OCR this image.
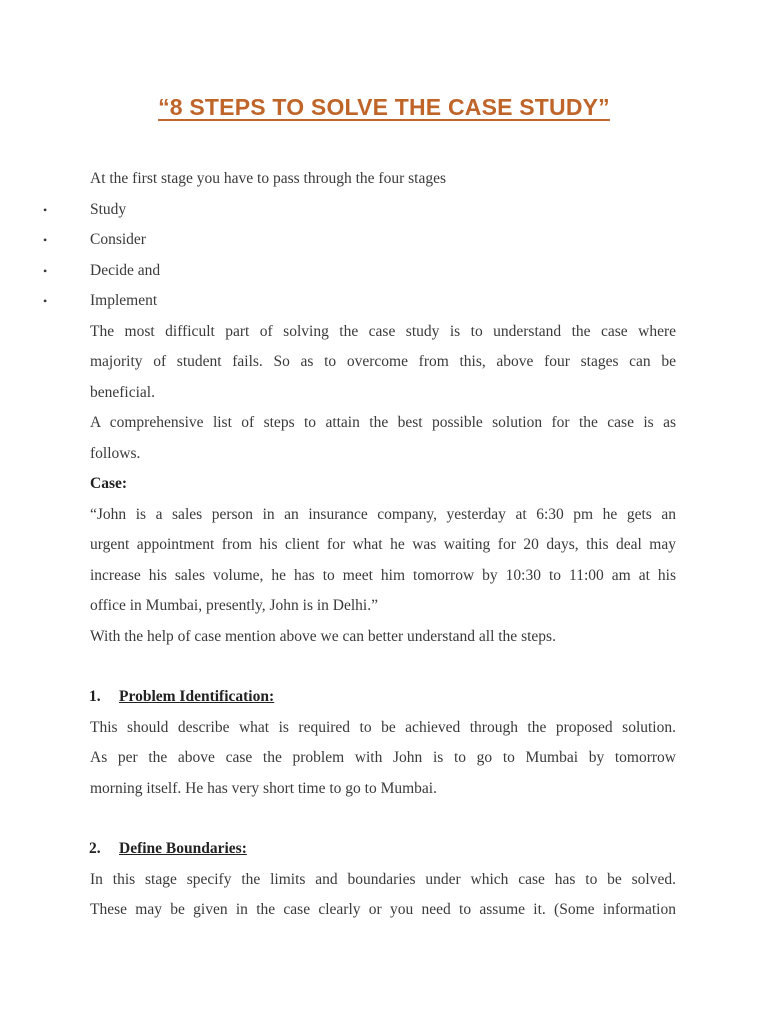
“8 STEPS TO SOLVE THE CASE STUDY”
At the first stage you have to pass through the four stages
•	Study
•	Consider
•	Decide and
•	Implement
The most difficult part of solving the case study is to understand the case where
majority of student fails. So as to overcome from this, above four stages can be
beneficial.
A comprehensive list of steps to attain the best possible solution for the case is as
follows.
Case:
“John is a sales person in an insurance company, yesterday at 6:30 pm he gets an
urgent appointment from his client for what he was waiting for 20 days, this deal may
increase his sales volume, he has to meet him tomorrow by 10:30 to 11:00 am at his
office in Mumbai, presently, John is in Delhi.”
With the help of case mention above we can better understand all the steps.
1. Problem Identification:
This should describe what is required to be achieved through the proposed solution.
As per the above case the problem with John is to go to Mumbai by tomorrow
morning itself. He has very short time to go to Mumbai.
2. Define Boundaries:
In this stage specify the limits and boundaries under which case has to be solved.
These may be given in the case clearly or you need to assume it. (Some information
